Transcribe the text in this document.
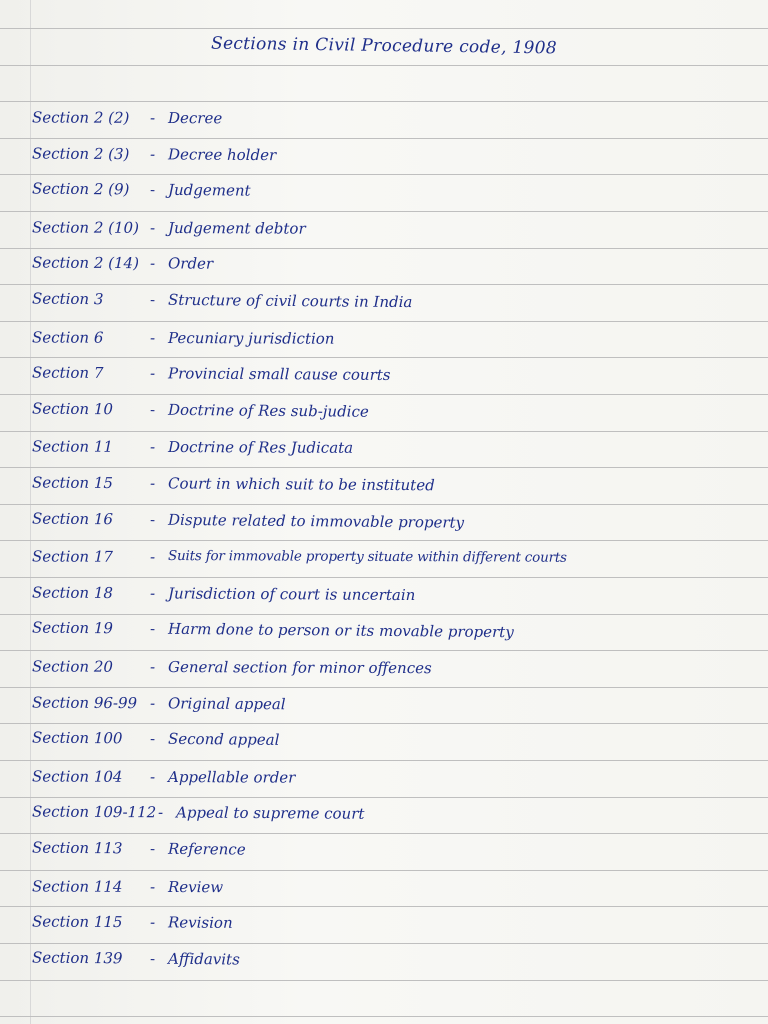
Sections in Civil Procedure code, 1908
Section 2 (2) - Decree
Section 2 (3) - Decree holder
Section 2 (9) - Judgement
Section 2 (10) - Judgement debtor
Section 2 (14) - Order
Section 3	- Structure of civil courts in India
Section 6	- Pecuniary jurisdiction
Section 7	- Provincial small cause courts
Section 10 - Doctrine of Res sub-judice
Section 11 - Doctrine of Res Judicata
Section 15 - Court in which suit to be instituted
Section 16 - Dispute related to immovable property
Section 17 - Suits for immovable property situate within different courts
Section 18 - Jurisdiction of court is uncertain
Section 19 - Harm done to person or its movable property
Section 20 - General section for minor offences
Section 96-99 - Original appeal
Section 100 - Second appeal
Section 104 - Appellable order
Section 109-112 - Appeal to supreme court
Section 113 - Reference
Section 114 - Review
Section 115 - Revision
Section 139 - Affidavits
